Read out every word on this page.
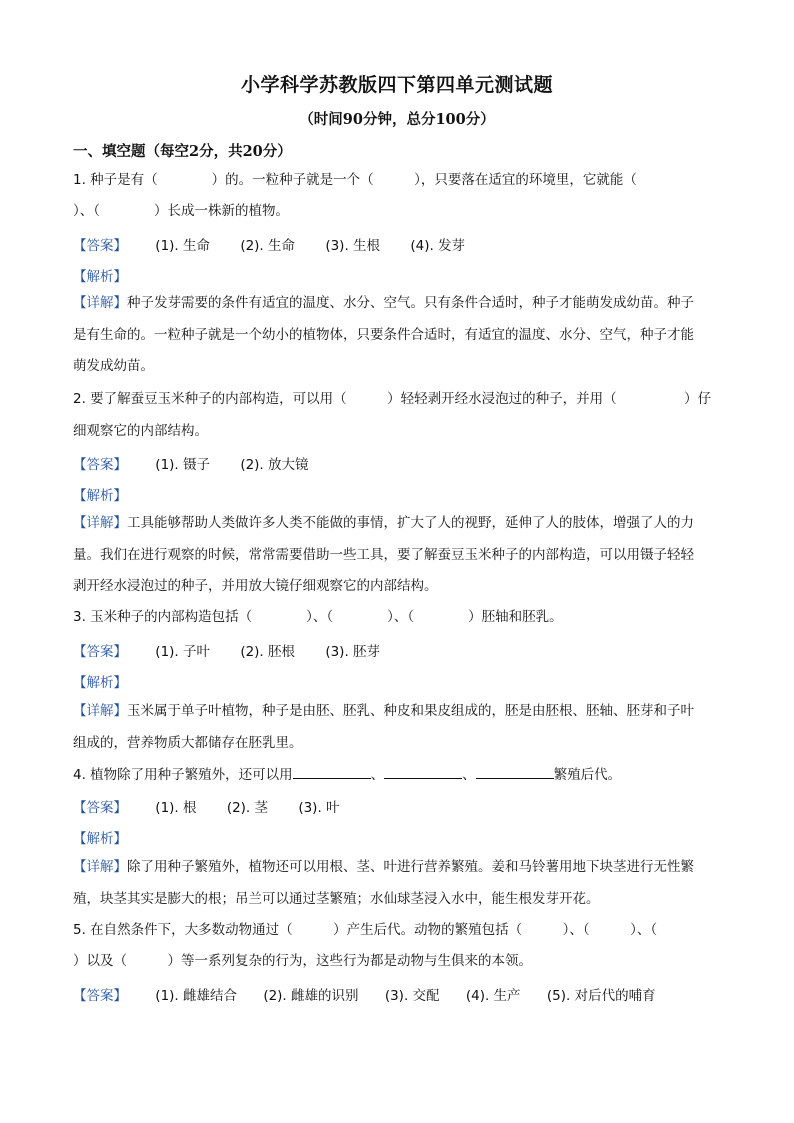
小学科学苏教版四下第四单元测试题
（时间90分钟，总分100分）
一、填空题（每空2分，共20分）
1. 种子是有（　　　　）的。一粒种子就是一个（　　　），只要落在适宜的环境里，它就能（
）、（　　　　）长成一株新的植物。
【答案】 (1). 生命 (2). 生命 (3). 生根 (4). 发芽
【解析】
【详解】种子发芽需要的条件有适宜的温度、水分、空气。只有条件合适时，种子才能萌发成幼苗。种子
是有生命的。一粒种子就是一个幼小的植物体，只要条件合适时，有适宜的温度、水分、空气，种子才能
萌发成幼苗。
2. 要了解蚕豆玉米种子的内部构造，可以用（　　　）轻轻剥开经水浸泡过的种子，并用（　　　　　）仔
细观察它的内部结构。
【答案】 (1). 镊子 (2). 放大镜
【解析】
【详解】工具能够帮助人类做许多人类不能做的事情，扩大了人的视野，延伸了人的肢体，增强了人的力
量。我们在进行观察的时候，常常需要借助一些工具，要了解蚕豆玉米种子的内部构造，可以用镊子轻轻
剥开经水浸泡过的种子，并用放大镜仔细观察它的内部结构。
3. 玉米种子的内部构造包括（　　　　）、（　　　　）、（　　　　）胚轴和胚乳。
【答案】 (1). 子叶 (2). 胚根 (3). 胚芽
【解析】
【详解】玉米属于单子叶植物，种子是由胚、胚乳、种皮和果皮组成的，胚是由胚根、胚轴、胚芽和子叶
组成的，营养物质大都储存在胚乳里。
4. 植物除了用种子繁殖外，还可以用	、	、	繁殖后代。
【答案】 (1). 根 (2). 茎 (3). 叶
【解析】
【详解】除了用种子繁殖外，植物还可以用根、茎、叶进行营养繁殖。姜和马铃薯用地下块茎进行无性繁
殖，块茎其实是膨大的根；吊兰可以通过茎繁殖；水仙球茎浸入水中，能生根发芽开花。
5. 在自然条件下，大多数动物通过（　　　）产生后代。动物的繁殖包括（　　　）、（　　　）、（
）以及（　　　）等一系列复杂的行为，这些行为都是动物与生俱来的本领。
【答案】 (1). 雌雄结合 (2). 雌雄的识别 (3). 交配 (4). 生产 (5). 对后代的哺育
